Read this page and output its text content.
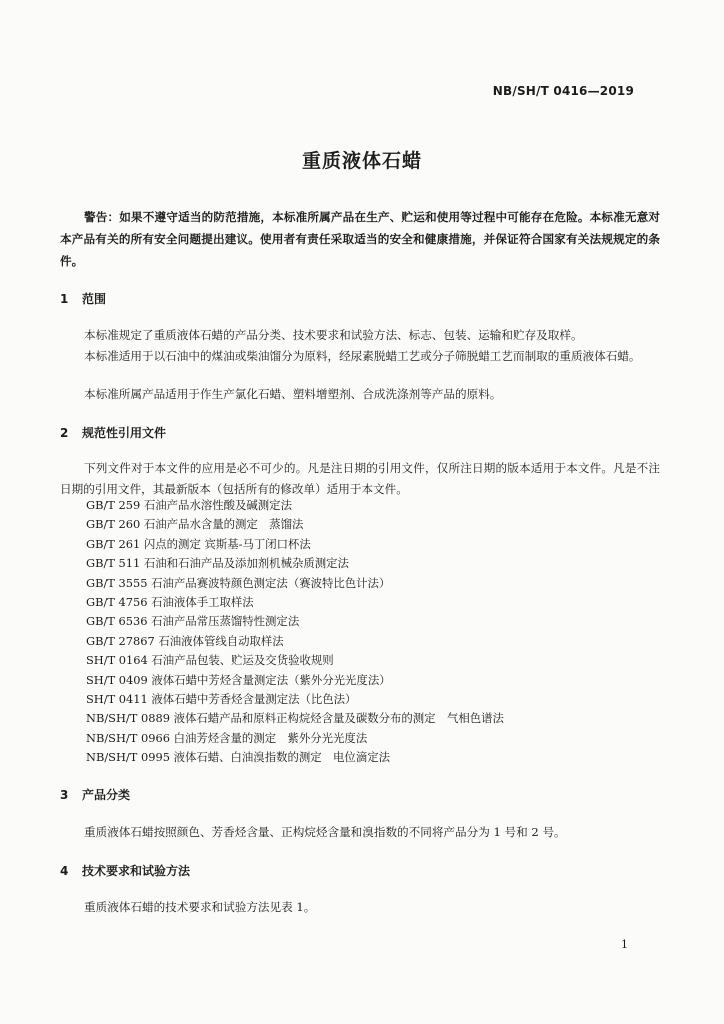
NB/SH/T 0416—2019
重质液体石蜡
警告：如果不遵守适当的防范措施，本标准所属产品在生产、贮运和使用等过程中可能存在危险。本标准无意对本产品有关的所有安全问题提出建议。使用者有责任采取适当的安全和健康措施，并保证符合国家有关法规规定的条件。
1 范围
本标准规定了重质液体石蜡的产品分类、技术要求和试验方法、标志、包装、运输和贮存及取样。
本标准适用于以石油中的煤油或柴油馏分为原料，经尿素脱蜡工艺或分子筛脱蜡工艺而制取的重质液体石蜡。
本标准所属产品适用于作生产氯化石蜡、塑料增塑剂、合成洗涤剂等产品的原料。
2 规范性引用文件
下列文件对于本文件的应用是必不可少的。凡是注日期的引用文件，仅所注日期的版本适用于本文件。凡是不注日期的引用文件，其最新版本（包括所有的修改单）适用于本文件。
GB/T 259 石油产品水溶性酸及碱测定法
GB/T 260 石油产品水含量的测定　蒸馏法
GB/T 261 闪点的测定 宾斯基-马丁闭口杯法
GB/T 511 石油和石油产品及添加剂机械杂质测定法
GB/T 3555 石油产品赛波特颜色测定法（赛波特比色计法）
GB/T 4756 石油液体手工取样法
GB/T 6536 石油产品常压蒸馏特性测定法
GB/T 27867 石油液体管线自动取样法
SH/T 0164 石油产品包装、贮运及交货验收规则
SH/T 0409 液体石蜡中芳烃含量测定法（紫外分光光度法）
SH/T 0411 液体石蜡中芳香烃含量测定法（比色法）
NB/SH/T 0889 液体石蜡产品和原料正构烷烃含量及碳数分布的测定　气相色谱法
NB/SH/T 0966 白油芳烃含量的测定　紫外分光光度法
NB/SH/T 0995 液体石蜡、白油溴指数的测定　电位滴定法
3 产品分类
重质液体石蜡按照颜色、芳香烃含量、正构烷烃含量和溴指数的不同将产品分为 1 号和 2 号。
4 技术要求和试验方法
重质液体石蜡的技术要求和试验方法见表 1。
1
